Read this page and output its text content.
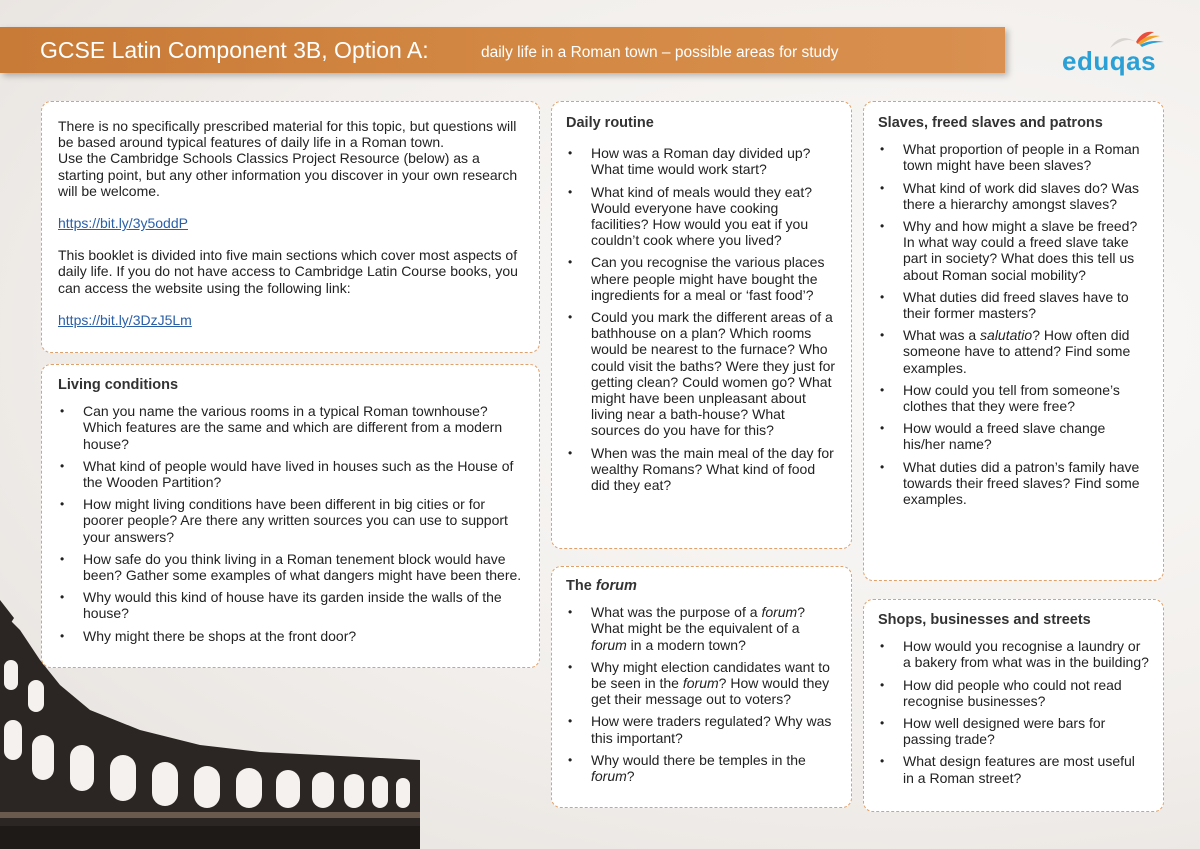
GCSE Latin Component 3B, Option A:	daily life in a Roman town – possible areas for study	eduqas

There is no specifically prescribed material for this topic, but questions will be based around typical features of daily life in a Roman town.

Use the Cambridge Schools Classics Project Resource (below) as a starting point, but any other information you discover in your own research will be welcome.

https://bit.ly/3y5oddP

This booklet is divided into five main sections which cover most aspects of daily life. If you do not have access to Cambridge Latin Course books, you can access the website using the following link:

https://bit.ly/3DzJ5Lm

Living conditions
• Can you name the various rooms in a typical Roman townhouse? Which features are the same and which are different from a modern house?
• What kind of people would have lived in houses such as the House of the Wooden Partition?
• How might living conditions have been different in big cities or for poorer people? Are there any written sources you can use to support your answers?
• How safe do you think living in a Roman tenement block would have been? Gather some examples of what dangers might have been there.
• Why would this kind of house have its garden inside the walls of the house?
• Why might there be shops at the front door?
Daily routine
• How was a Roman day divided up? What time would work start?
• What kind of meals would they eat? Would everyone have cooking facilities? How would you eat if you couldn’t cook where you lived?
• Can you recognise the various places where people might have bought the ingredients for a meal or ‘fast food’?
• Could you mark the different areas of a bathhouse on a plan? Which rooms would be nearest to the furnace? Who could visit the baths? Were they just for getting clean? Could women go? What might have been unpleasant about living near a bath-house? What sources do you have for this?
• When was the main meal of the day for wealthy Romans? What kind of food did they eat?
The forum
• What was the purpose of a forum? What might be the equivalent of a forum in a modern town?
• Why might election candidates want to be seen in the forum? How would they get their message out to voters?
• How were traders regulated? Why was this important?
• Why would there be temples in the forum?
Slaves, freed slaves and patrons
• What proportion of people in a Roman town might have been slaves?
• What kind of work did slaves do? Was there a hierarchy amongst slaves?
• Why and how might a slave be freed? In what way could a freed slave take part in society? What does this tell us about Roman social mobility?
• What duties did freed slaves have to their former masters?
• What was a salutatio? How often did someone have to attend? Find some examples.
• How could you tell from someone’s clothes that they were free?
• How would a freed slave change his/her name?
• What duties did a patron’s family have towards their freed slaves? Find some examples.
Shops, businesses and streets
• How would you recognise a laundry or a bakery from what was in the building?
• How did people who could not read recognise businesses?
• How well designed were bars for passing trade?
• What design features are most useful in a Roman street?
